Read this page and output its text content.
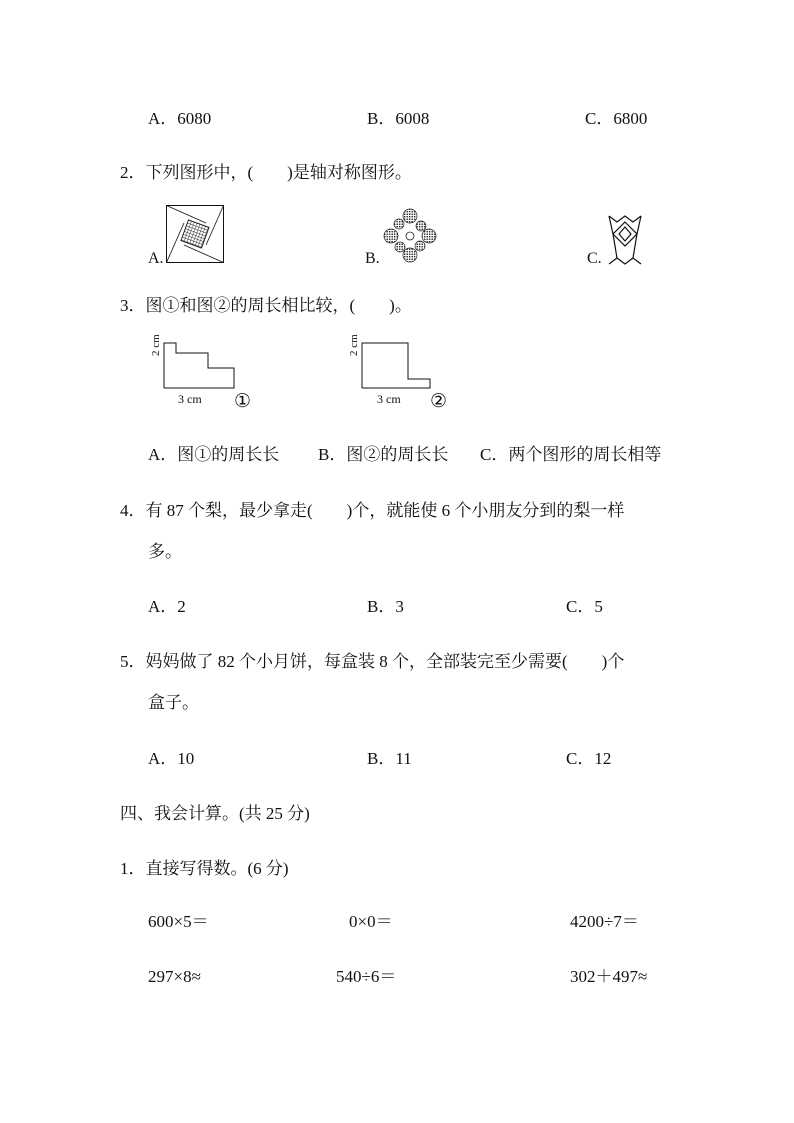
A．6080	B．6008	C．6800
2．下列图形中，(　　)是轴对称图形。
A.	B.	C.
3．图①和图②的周长相比较，(　　)。
2 cm
3 cm ①
2 cm
3 cm ②
A．图①的周长长 B．图②的周长长 C．两个图形的周长相等
4．有 87 个梨，最少拿走(　　)个，就能使 6 个小朋友分到的梨一样
多。
A．2	B．3	C．5
5．妈妈做了 82 个小月饼，每盒装 8 个，全部装完至少需要(　　)个
盒子。
A．10	B．11	C．12
四、我会计算。(共 25 分)
1．直接写得数。(6 分)
600×5＝	0×0＝	4200÷7＝
297×8≈	540÷6＝	302＋497≈
